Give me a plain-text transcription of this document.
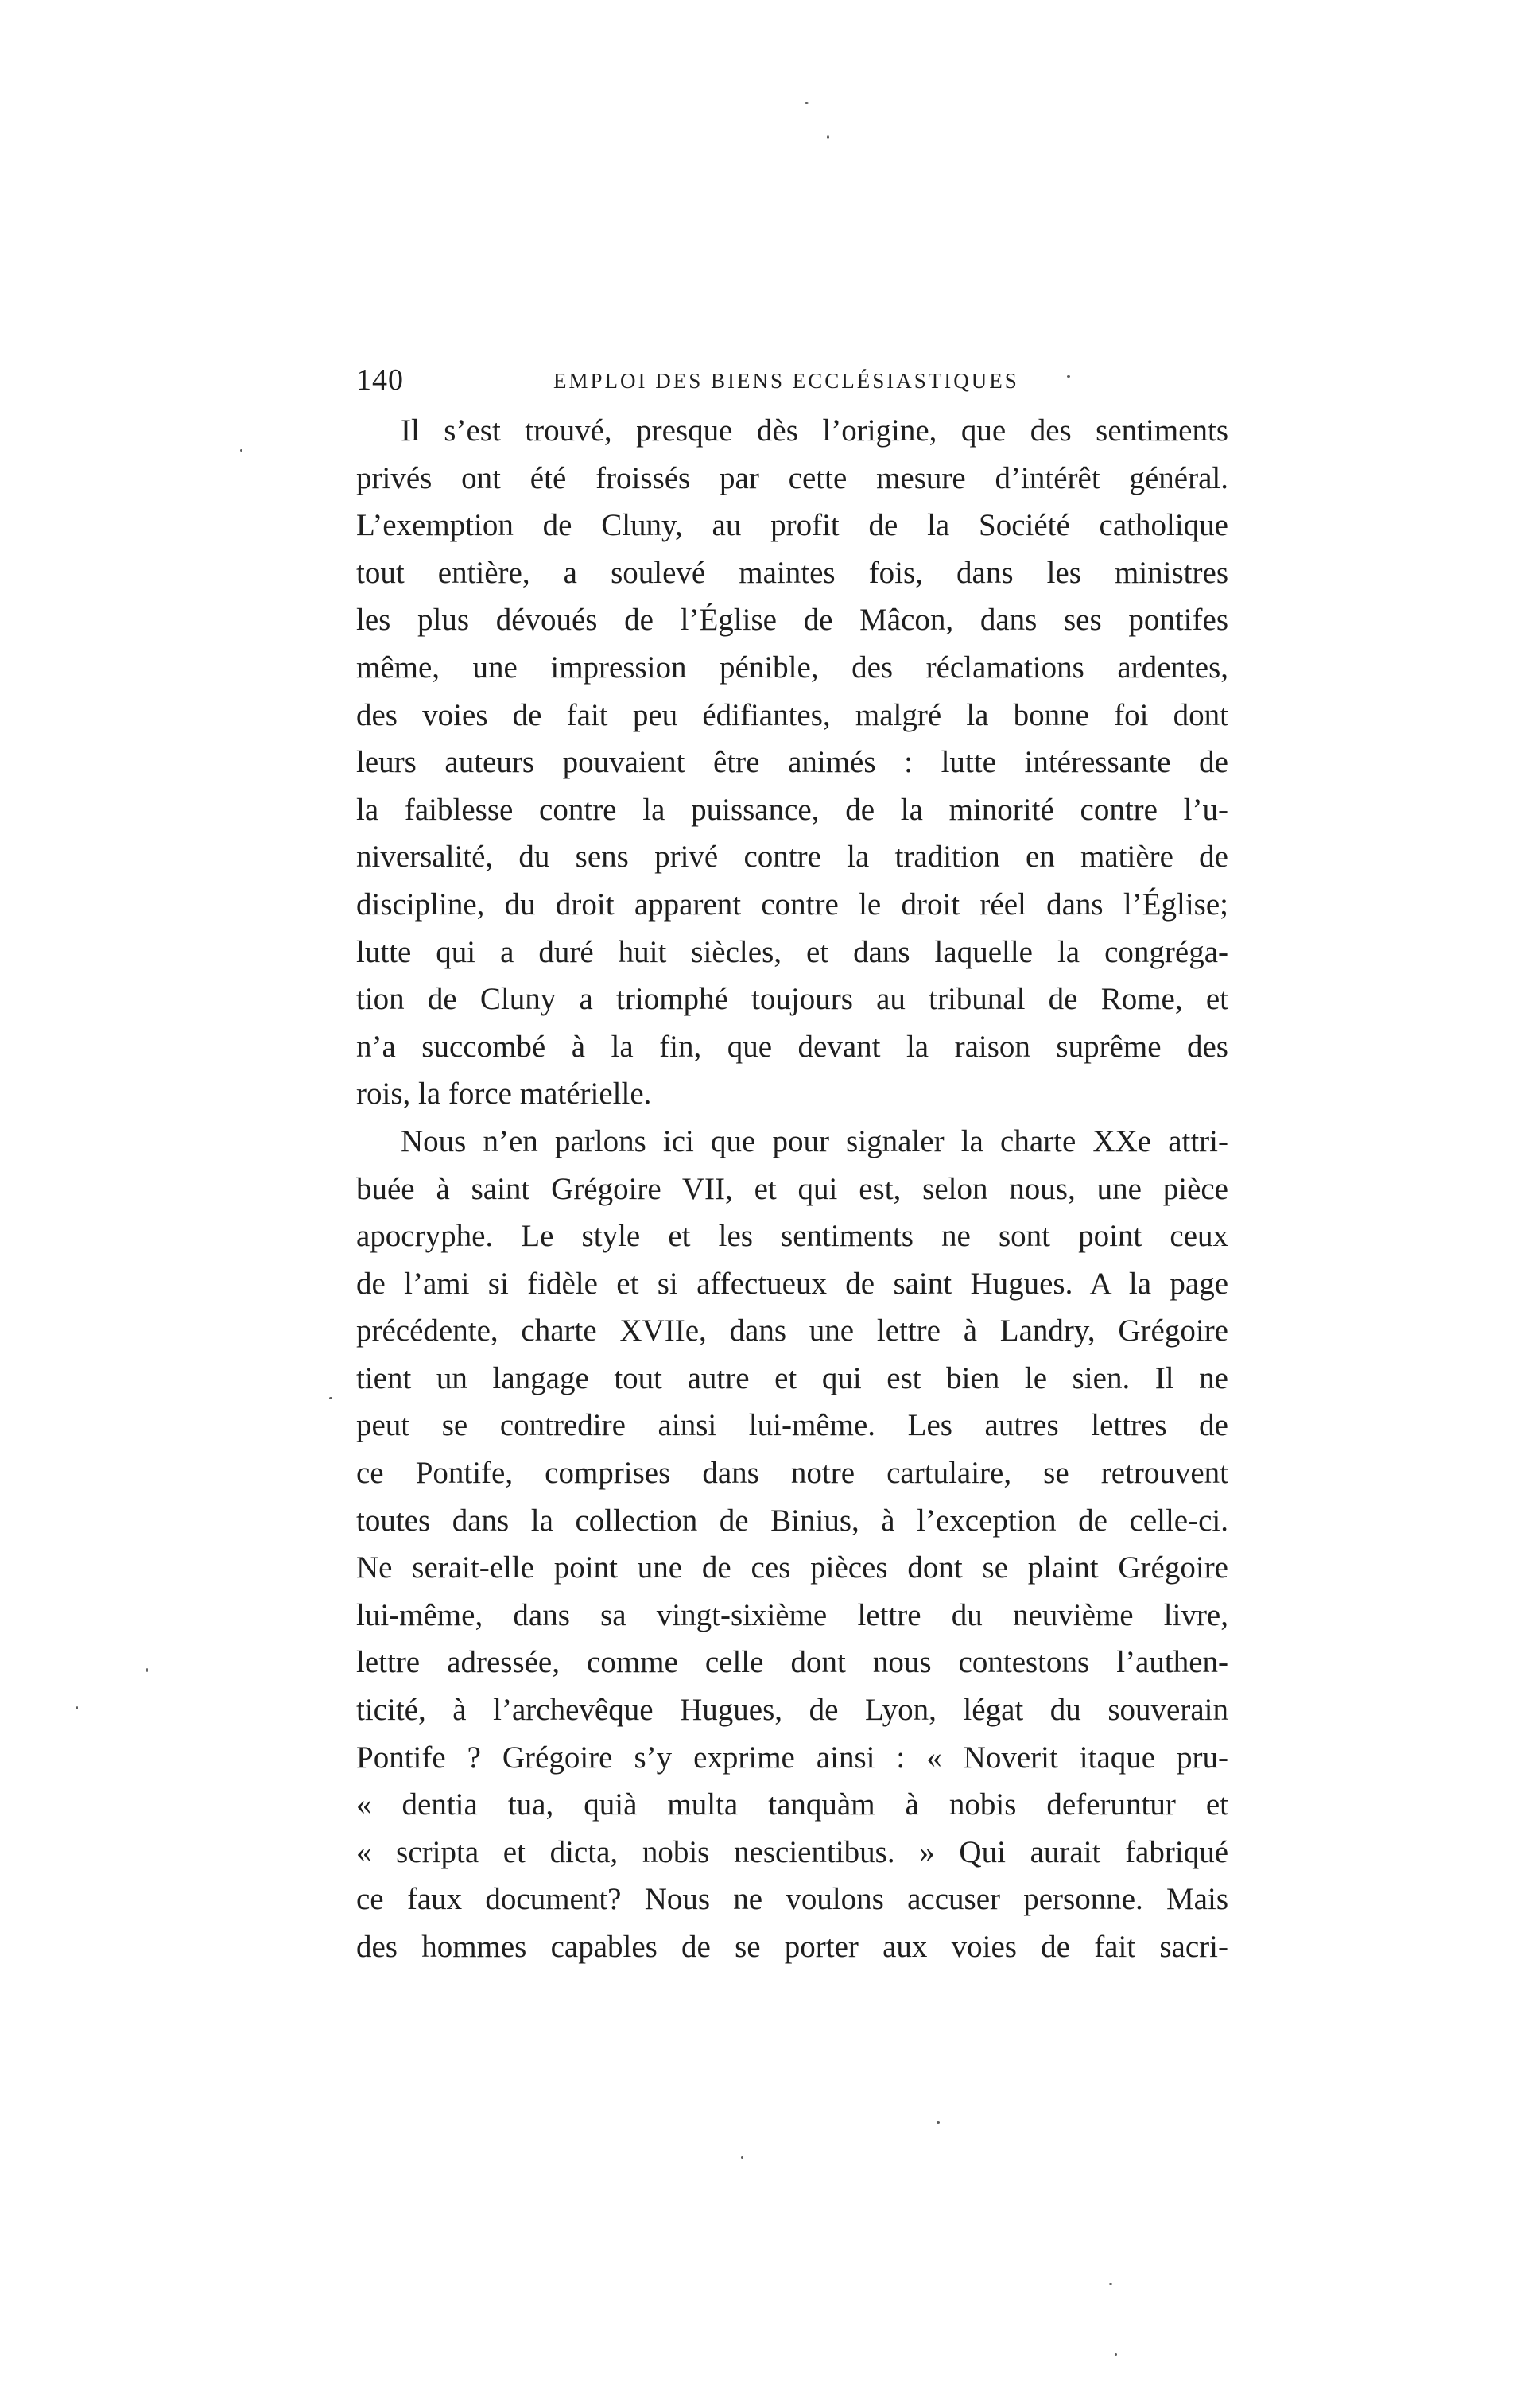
140	EMPLOI DES BIENS ECCLÉSIASTIQUES
Il s’est trouvé, presque dès l’origine, que des sentiments
privés ont été froissés par cette mesure d’intérêt général.
L’exemption de Cluny, au profit de la Société catholique
tout entière, a soulevé maintes fois, dans les ministres
les plus dévoués de l’Église de Mâcon, dans ses pontifes
même, une impression pénible, des réclamations ardentes,
des voies de fait peu édifiantes, malgré la bonne foi dont
leurs auteurs pouvaient être animés : lutte intéressante de
la faiblesse contre la puissance, de la minorité contre l’u-
niversalité, du sens privé contre la tradition en matière de
discipline, du droit apparent contre le droit réel dans l’Église;
lutte qui a duré huit siècles, et dans laquelle la congréga-
tion de Cluny a triomphé toujours au tribunal de Rome, et
n’a succombé à la fin, que devant la raison suprême des
rois, la force matérielle.
Nous n’en parlons ici que pour signaler la charte XXe attri-
buée à saint Grégoire VII, et qui est, selon nous, une pièce
apocryphe. Le style et les sentiments ne sont point ceux
de l’ami si fidèle et si affectueux de saint Hugues. A la page
précédente, charte XVIIe, dans une lettre à Landry, Grégoire
tient un langage tout autre et qui est bien le sien. Il ne
peut se contredire ainsi lui-même. Les autres lettres de
ce Pontife, comprises dans notre cartulaire, se retrouvent
toutes dans la collection de Binius, à l’exception de celle-ci.
Ne serait-elle point une de ces pièces dont se plaint Grégoire
lui-même, dans sa vingt-sixième lettre du neuvième livre,
lettre adressée, comme celle dont nous contestons l’authen-
ticité, à l’archevêque Hugues, de Lyon, légat du souverain
Pontife ? Grégoire s’y exprime ainsi : « Noverit itaque pru-
« dentia tua, quià multa tanquàm à nobis deferuntur et
« scripta et dicta, nobis nescientibus. » Qui aurait fabriqué
ce faux document? Nous ne voulons accuser personne. Mais
des hommes capables de se porter aux voies de fait sacri-
